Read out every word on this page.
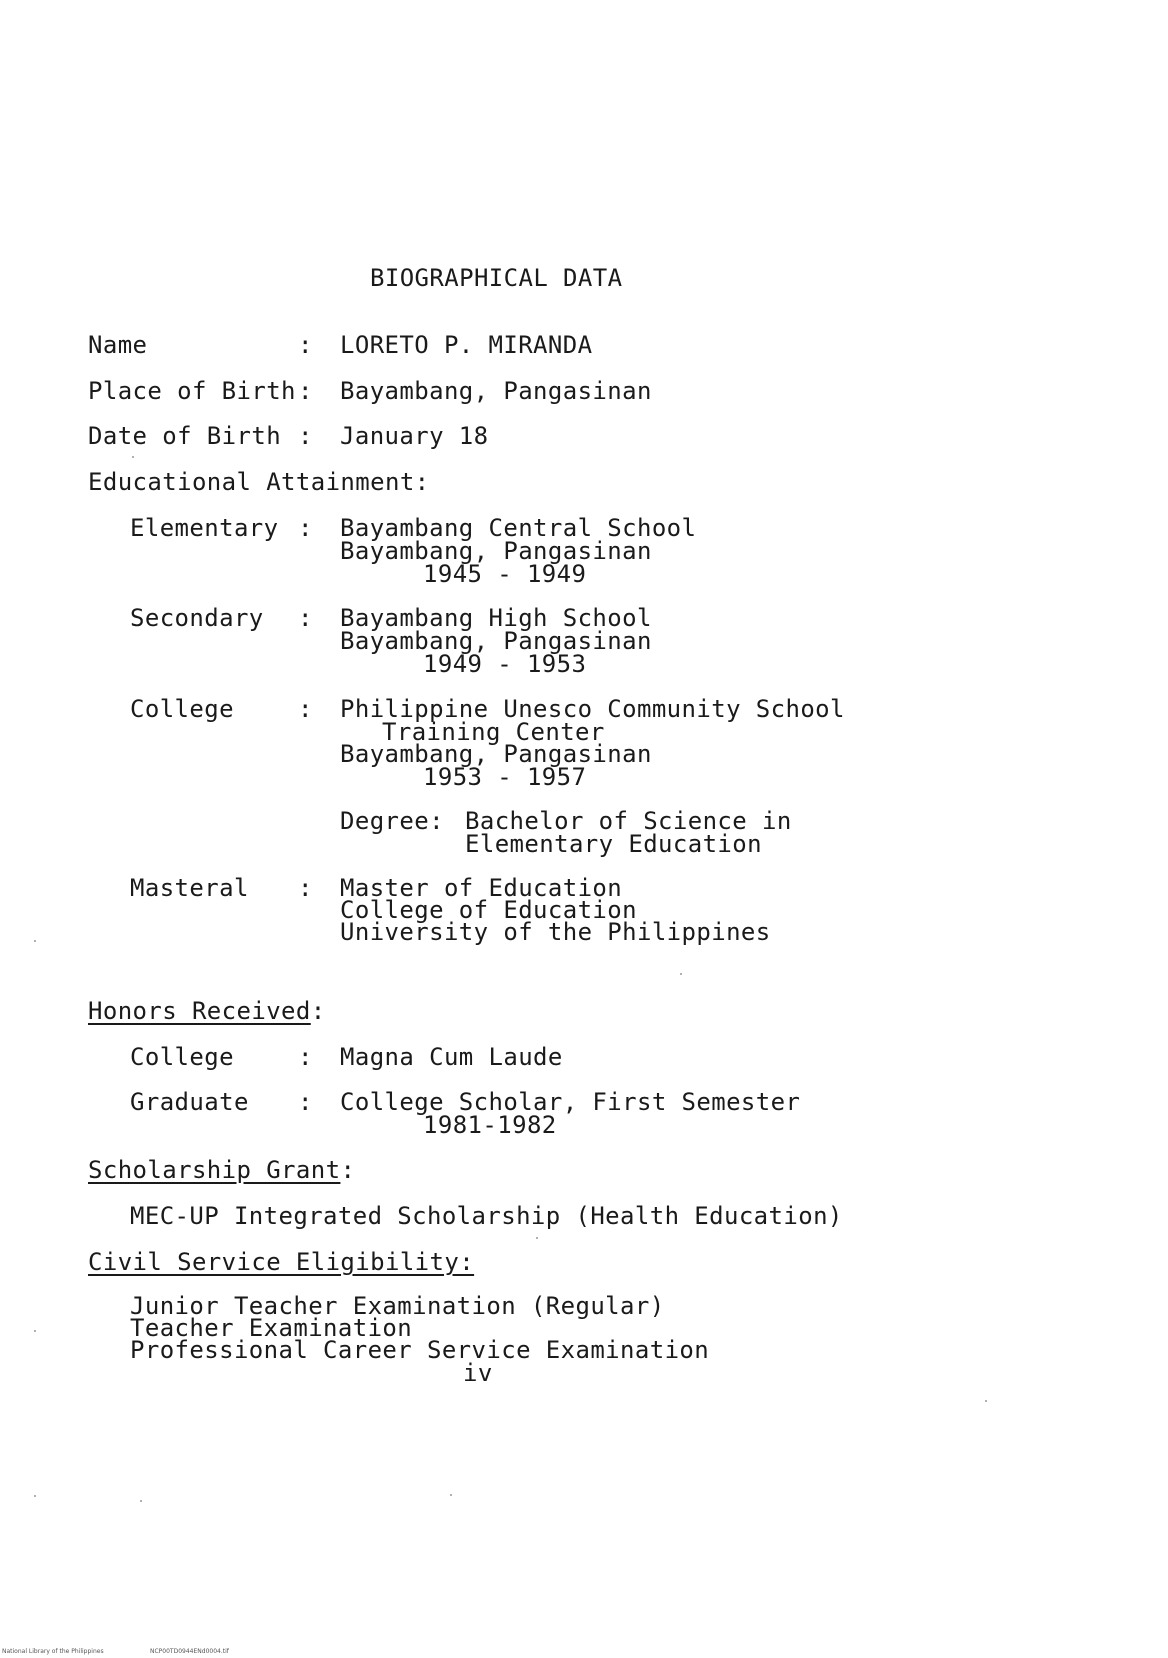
BIOGRAPHICAL DATA
Name	: LORETO P. MIRANDA
Place of Birth : Bayambang, Pangasinan
Date of Birth : January 18
Educational Attainment:
Elementary : Bayambang Central School
Bayambang, Pangasinan
1945 - 1949
Secondary : Bayambang High School
Bayambang, Pangasinan
1949 - 1953
College	: Philippine Unesco Community School
Training Center
Bayambang, Pangasinan
1953 - 1957
Degree: Bachelor of Science in
Elementary Education
Masteral : Master of Education
College of Education
University of the Philippines
Honors Received:
College	: Magna Cum Laude
Graduate : College Scholar, First Semester
1981-1982
Scholarship Grant:
MEC-UP Integrated Scholarship (Health Education)
Civil Service Eligibility:
Junior Teacher Examination (Regular)
Teacher Examination
Professional Career Service Examination
iv
National Library of the Philippines	NCP00TD0944ENd0004.tif
